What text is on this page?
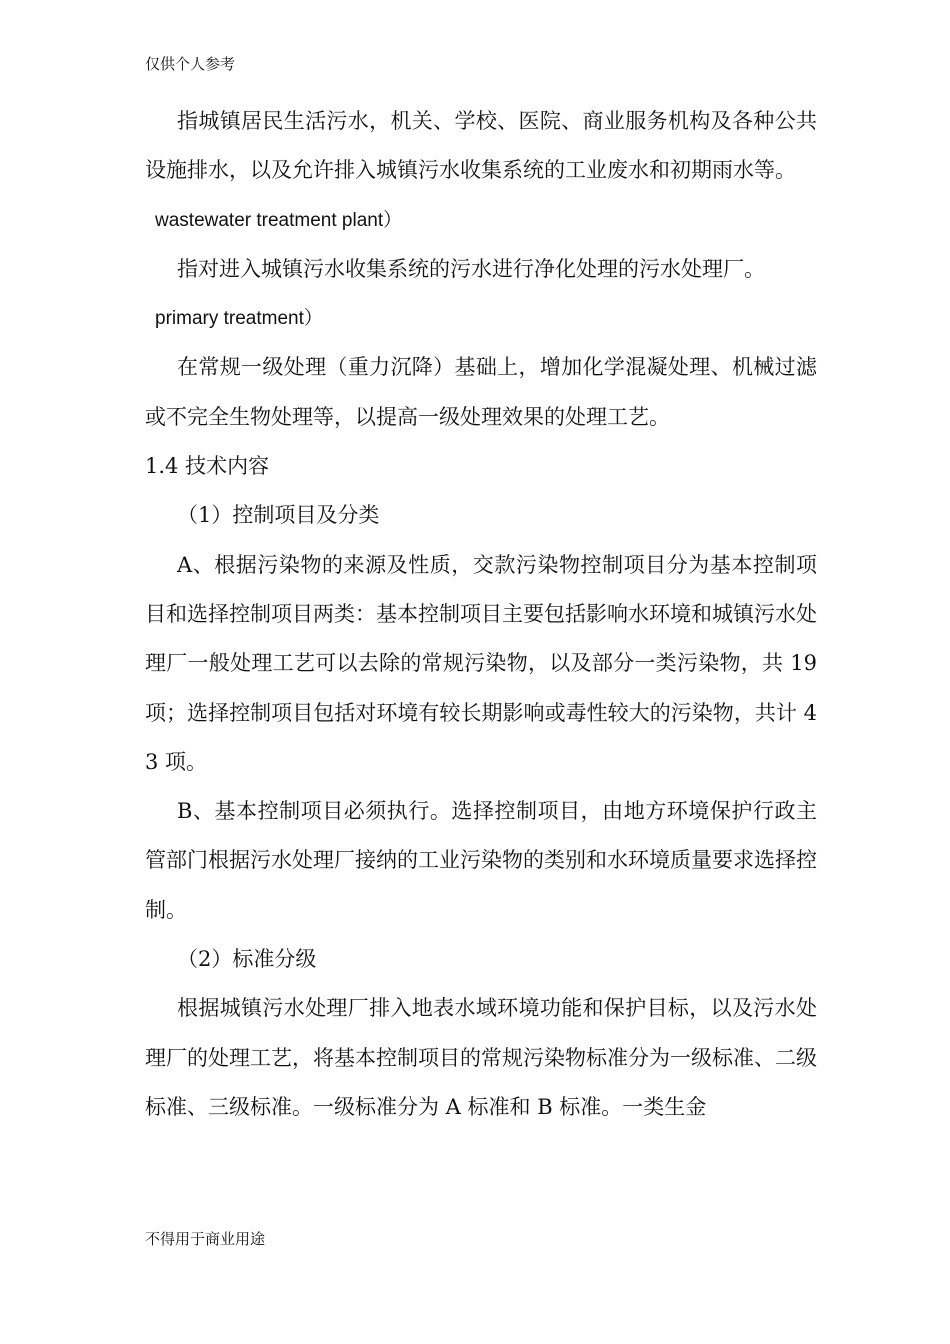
仅供个人参考

指城镇居民生活污水，机关、学校、医院、商业服务机构及各种公共设施排水，以及允许排入城镇污水收集系统的工业废水和初期雨水等。

wastewater treatment plant）

指对进入城镇污水收集系统的污水进行净化处理的污水处理厂。

primary treatment）

在常规一级处理（重力沉降）基础上，增加化学混凝处理、机械过滤或不完全生物处理等，以提高一级处理效果的处理工艺。

1.4 技术内容

（1）控制项目及分类

A、根据污染物的来源及性质，交款污染物控制项目分为基本控制项目和选择控制项目两类：基本控制项目主要包括影响水环境和城镇污水处理厂一般处理工艺可以去除的常规污染物，以及部分一类污染物，共 19 项；选择控制项目包括对环境有较长期影响或毒性较大的污染物，共计 43 项。

B、基本控制项目必须执行。选择控制项目，由地方环境保护行政主管部门根据污水处理厂接纳的工业污染物的类别和水环境质量要求选择控制。

（2）标准分级

根据城镇污水处理厂排入地表水域环境功能和保护目标，以及污水处理厂的处理工艺，将基本控制项目的常规污染物标准分为一级标准、二级标准、三级标准。一级标准分为 A 标准和 B 标准。一类生金

不得用于商业用途
